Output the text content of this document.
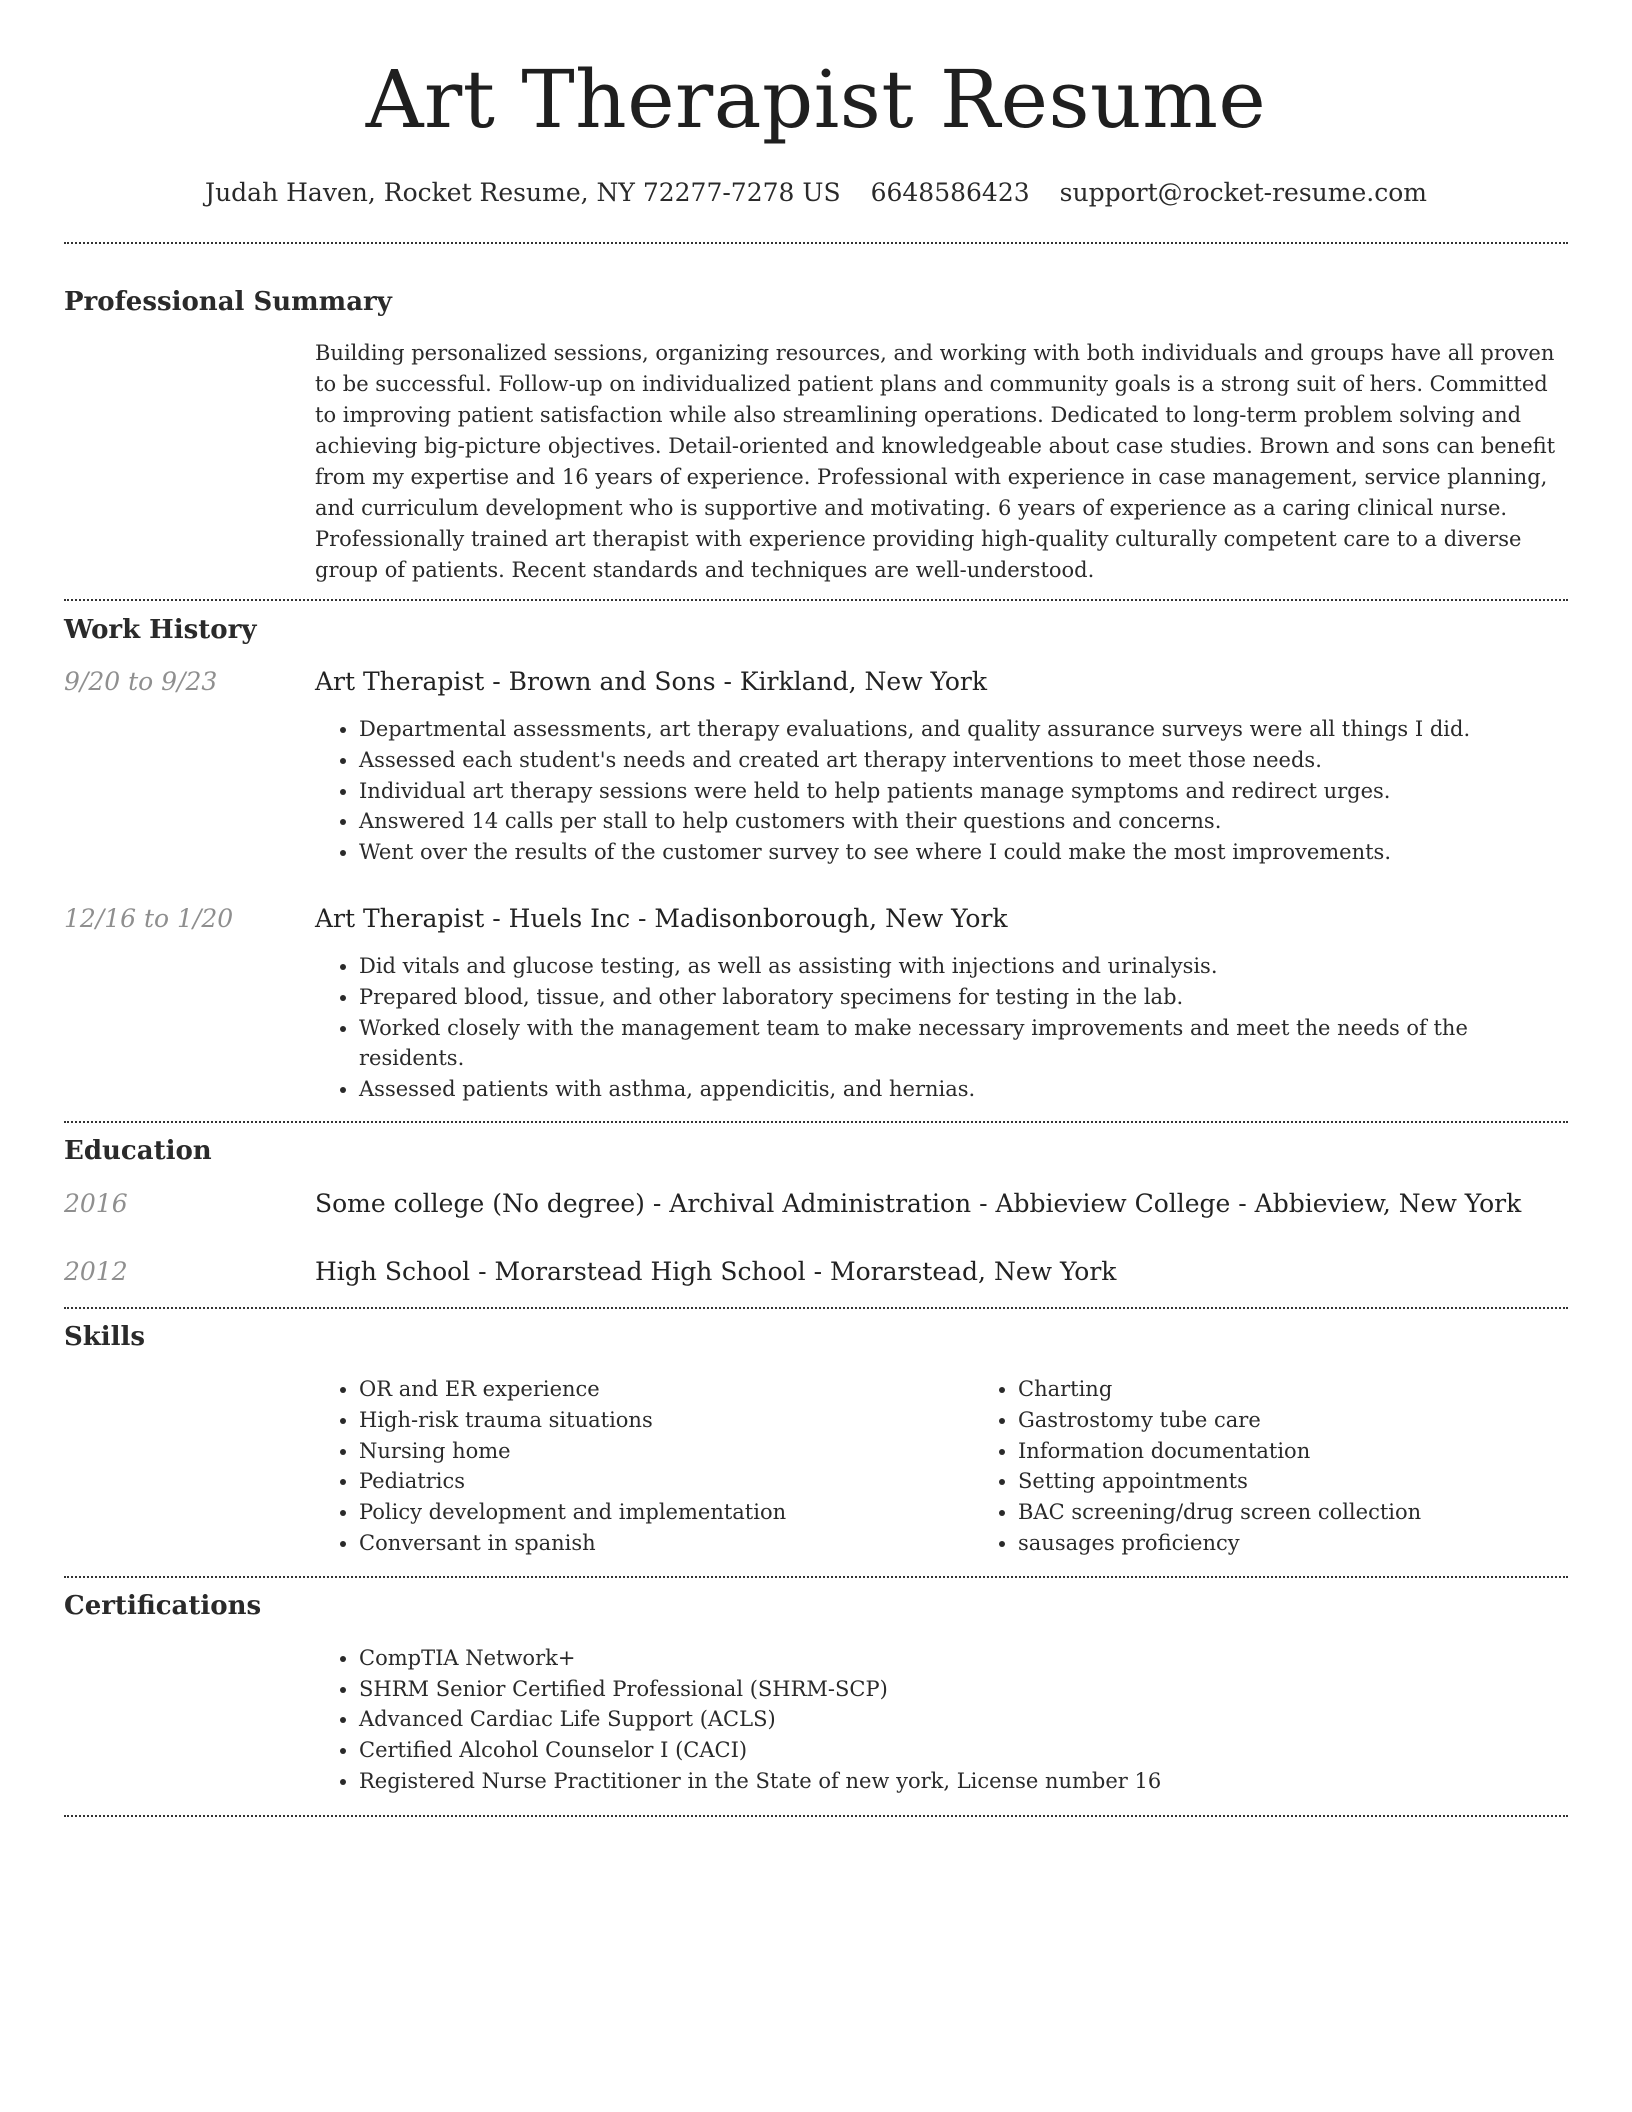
Art Therapist Resume
Judah Haven, Rocket Resume, NY 72277-7278 US 6648586423 support@rocket-resume.com
Professional Summary

Building personalized sessions, organizing resources, and working with both individuals and groups have all proven to be successful. Follow-up on individualized patient plans and community goals is a strong suit of hers. Committed to improving patient satisfaction while also streamlining operations. Dedicated to long-term problem solving and achieving big-picture objectives. Detail-oriented and knowledgeable about case studies. Brown and sons can benefit from my expertise and 16 years of experience. Professional with experience in case management, service planning, and curriculum development who is supportive and motivating. 6 years of experience as a caring clinical nurse. Professionally trained art therapist with experience providing high-quality culturally competent care to a diverse group of patients. Recent standards and techniques are well-understood.

Work History
9/20 to 9/23	Art Therapist - Brown and Sons - Kirkland, New York
• Departmental assessments, art therapy evaluations, and quality assurance surveys were all things I did.
• Assessed each student's needs and created art therapy interventions to meet those needs.
• Individual art therapy sessions were held to help patients manage symptoms and redirect urges.
• Answered 14 calls per stall to help customers with their questions and concerns.
• Went over the results of the customer survey to see where I could make the most improvements.
12/16 to 1/20	Art Therapist - Huels Inc - Madisonborough, New York
• Did vitals and glucose testing, as well as assisting with injections and urinalysis.
• Prepared blood, tissue, and other laboratory specimens for testing in the lab.
• Worked closely with the management team to make necessary improvements and meet the needs of the residents.
• Assessed patients with asthma, appendicitis, and hernias.
Education
2016	Some college (No degree) - Archival Administration - Abbieview College - Abbieview, New York
2012	High School - Morarstead High School - Morarstead, New York
Skills
• OR and ER experience
• High-risk trauma situations
• Nursing home
• Pediatrics
• Policy development and implementation
• Conversant in spanish
• Charting
• Gastrostomy tube care
• Information documentation
• Setting appointments
• BAC screening/drug screen collection
• sausages proficiency
Certifications
• CompTIA Network+
• SHRM Senior Certified Professional (SHRM-SCP)
• Advanced Cardiac Life Support (ACLS)
• Certified Alcohol Counselor I (CACI)
• Registered Nurse Practitioner in the State of new york, License number 16
